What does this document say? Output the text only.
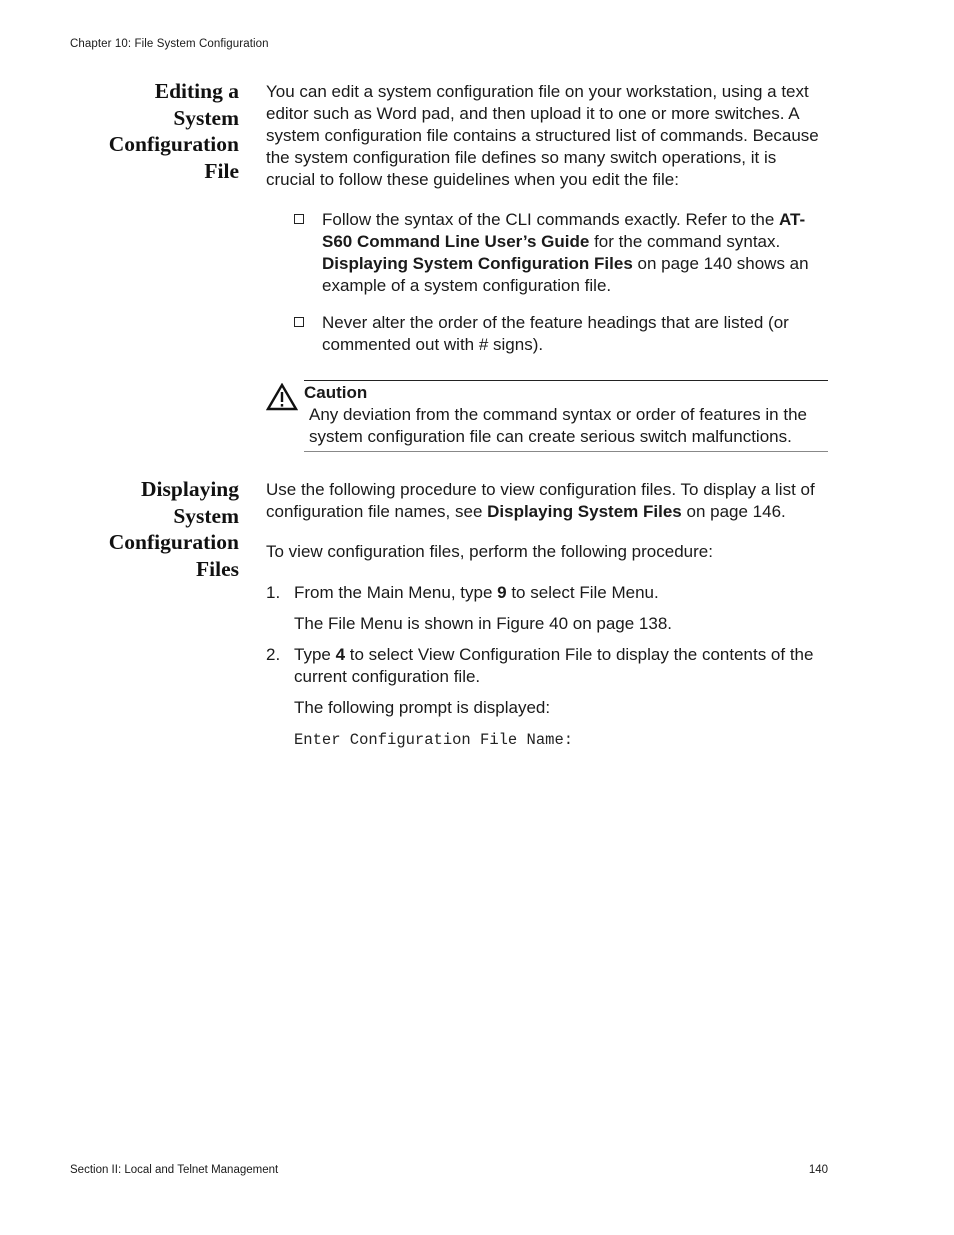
Chapter 10: File System Configuration
Editing a
System
Configuration
File

You can edit a system configuration file on your workstation, using a text editor such as Word pad, and then upload it to one or more switches. A system configuration file contains a structured list of commands. Because the system configuration file defines so many switch operations, it is crucial to follow these guidelines when you edit the file:

Follow the syntax of the CLI commands exactly. Refer to the AT-S60 Command Line User’s Guide for the command syntax. Displaying System Configuration Files on page 140 shows an example of a system configuration file.
Never alter the order of the feature headings that are listed (or commented out with # signs).
Caution
Any deviation from the command syntax or order of features in the system configuration file can create serious switch malfunctions.
Displaying
System
Configuration
Files

Use the following procedure to view configuration files. To display a list of configuration file names, see Displaying System Files on page 146.

To view configuration files, perform the following procedure:

1. From the Main Menu, type 9 to select File Menu.
The File Menu is shown in Figure 40 on page 138.
2. Type 4 to select View Configuration File to display the contents of the current configuration file.
The following prompt is displayed:
Enter Configuration File Name:
Section II: Local and Telnet Management	140
